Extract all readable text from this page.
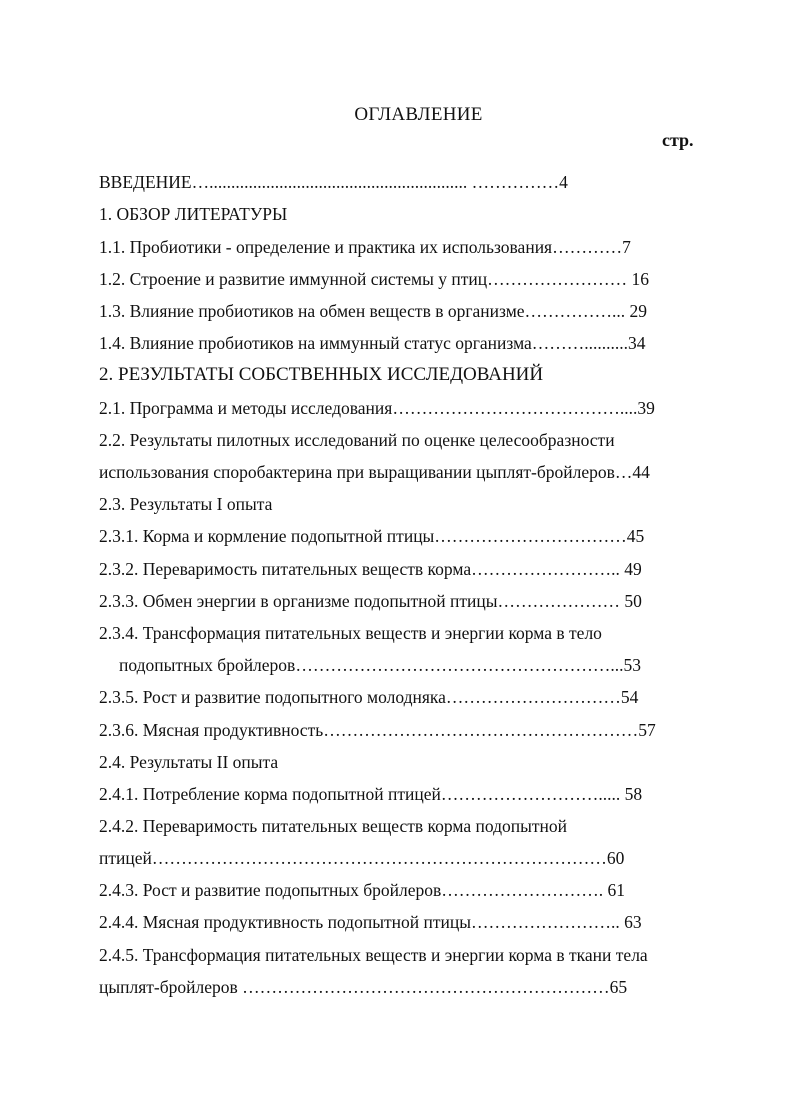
ОГЛАВЛЕНИЕ
стр.
ВВЕДЕНИЕ…........................................................... ……………4
1. ОБЗОР ЛИТЕРАТУРЫ
1.1. Пробиотики - определение и практика их использования…………7
1.2. Строение и развитие иммунной системы у птиц…………………… 16
1.3. Влияние пробиотиков на обмен веществ в организме……………... 29
1.4. Влияние пробиотиков на иммунный статус организма………..........34
2. РЕЗУЛЬТАТЫ СОБСТВЕННЫХ ИССЛЕДОВАНИЙ
2.1. Программа и методы исследования…………………………………....39
2.2. Результаты пилотных исследований по оценке целесообразности
использования споробактерина при выращивании цыплят-бройлеров…44
2.3. Результаты I опыта
2.3.1. Корма и кормление подопытной птицы……………………………45
2.3.2. Переваримость питательных веществ корма…………………….. 49
2.3.3. Обмен энергии в организме подопытной птицы………………… 50
2.3.4. Трансформация питательных веществ и энергии корма в тело
подопытных бройлеров………………………………………………...53
2.3.5. Рост и развитие подопытного молодняка…………………………54
2.3.6. Мясная продуктивность………………………………………………57
2.4. Результаты II опыта
2.4.1. Потребление корма подопытной птицей………………………..... 58
2.4.2. Переваримость питательных веществ корма подопытной
птицей……………………………………………………………………60
2.4.3. Рост и развитие подопытных бройлеров………………………. 61
2.4.4. Мясная продуктивность подопытной птицы…………………….. 63
2.4.5. Трансформация питательных веществ и энергии корма в ткани тела
цыплят-бройлеров ………………………………………………………65
